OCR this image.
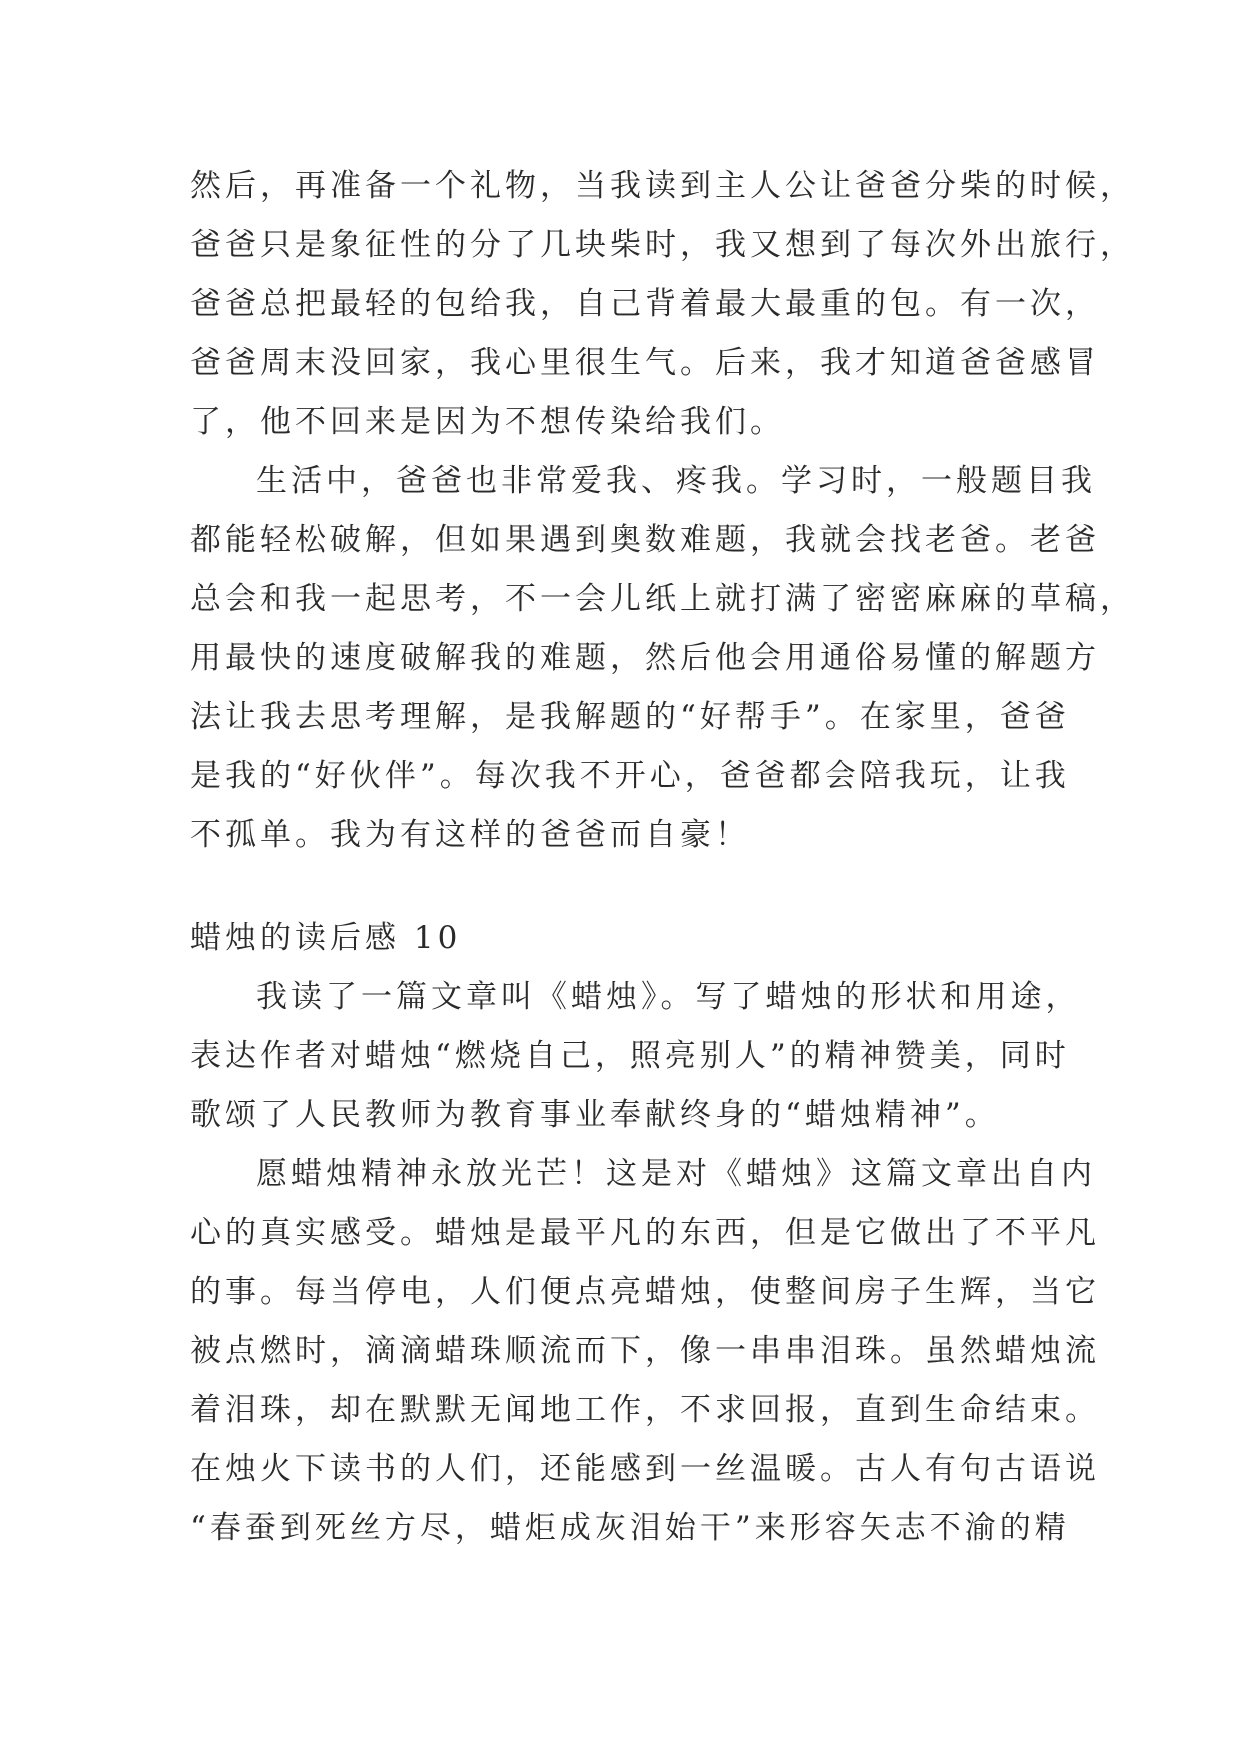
然后，再准备一个礼物，当我读到主人公让爸爸分柴的时候，
爸爸只是象征性的分了几块柴时，我又想到了每次外出旅行，
爸爸总把最轻的包给我，自己背着最大最重的包。有一次，
爸爸周末没回家，我心里很生气。后来，我才知道爸爸感冒
了，他不回来是因为不想传染给我们。
生活中，爸爸也非常爱我、疼我。学习时，一般题目我
都能轻松破解，但如果遇到奥数难题，我就会找老爸。老爸
总会和我一起思考，不一会儿纸上就打满了密密麻麻的草稿，
用最快的速度破解我的难题，然后他会用通俗易懂的解题方
法让我去思考理解，是我解题的“好帮手”。在家里，爸爸
是我的“好伙伴”。每次我不开心，爸爸都会陪我玩，让我
不孤单。我为有这样的爸爸而自豪！
蜡烛的读后感 10
我读了一篇文章叫《蜡烛》。写了蜡烛的形状和用途，
表达作者对蜡烛“燃烧自己，照亮别人”的精神赞美，同时
歌颂了人民教师为教育事业奉献终身的“蜡烛精神”。
愿蜡烛精神永放光芒！这是对《蜡烛》这篇文章出自内
心的真实感受。蜡烛是最平凡的东西，但是它做出了不平凡
的事。每当停电，人们便点亮蜡烛，使整间房子生辉，当它
被点燃时，滴滴蜡珠顺流而下，像一串串泪珠。虽然蜡烛流
着泪珠，却在默默无闻地工作，不求回报，直到生命结束。
在烛火下读书的人们，还能感到一丝温暖。古人有句古语说
“春蚕到死丝方尽，蜡炬成灰泪始干”来形容矢志不渝的精
